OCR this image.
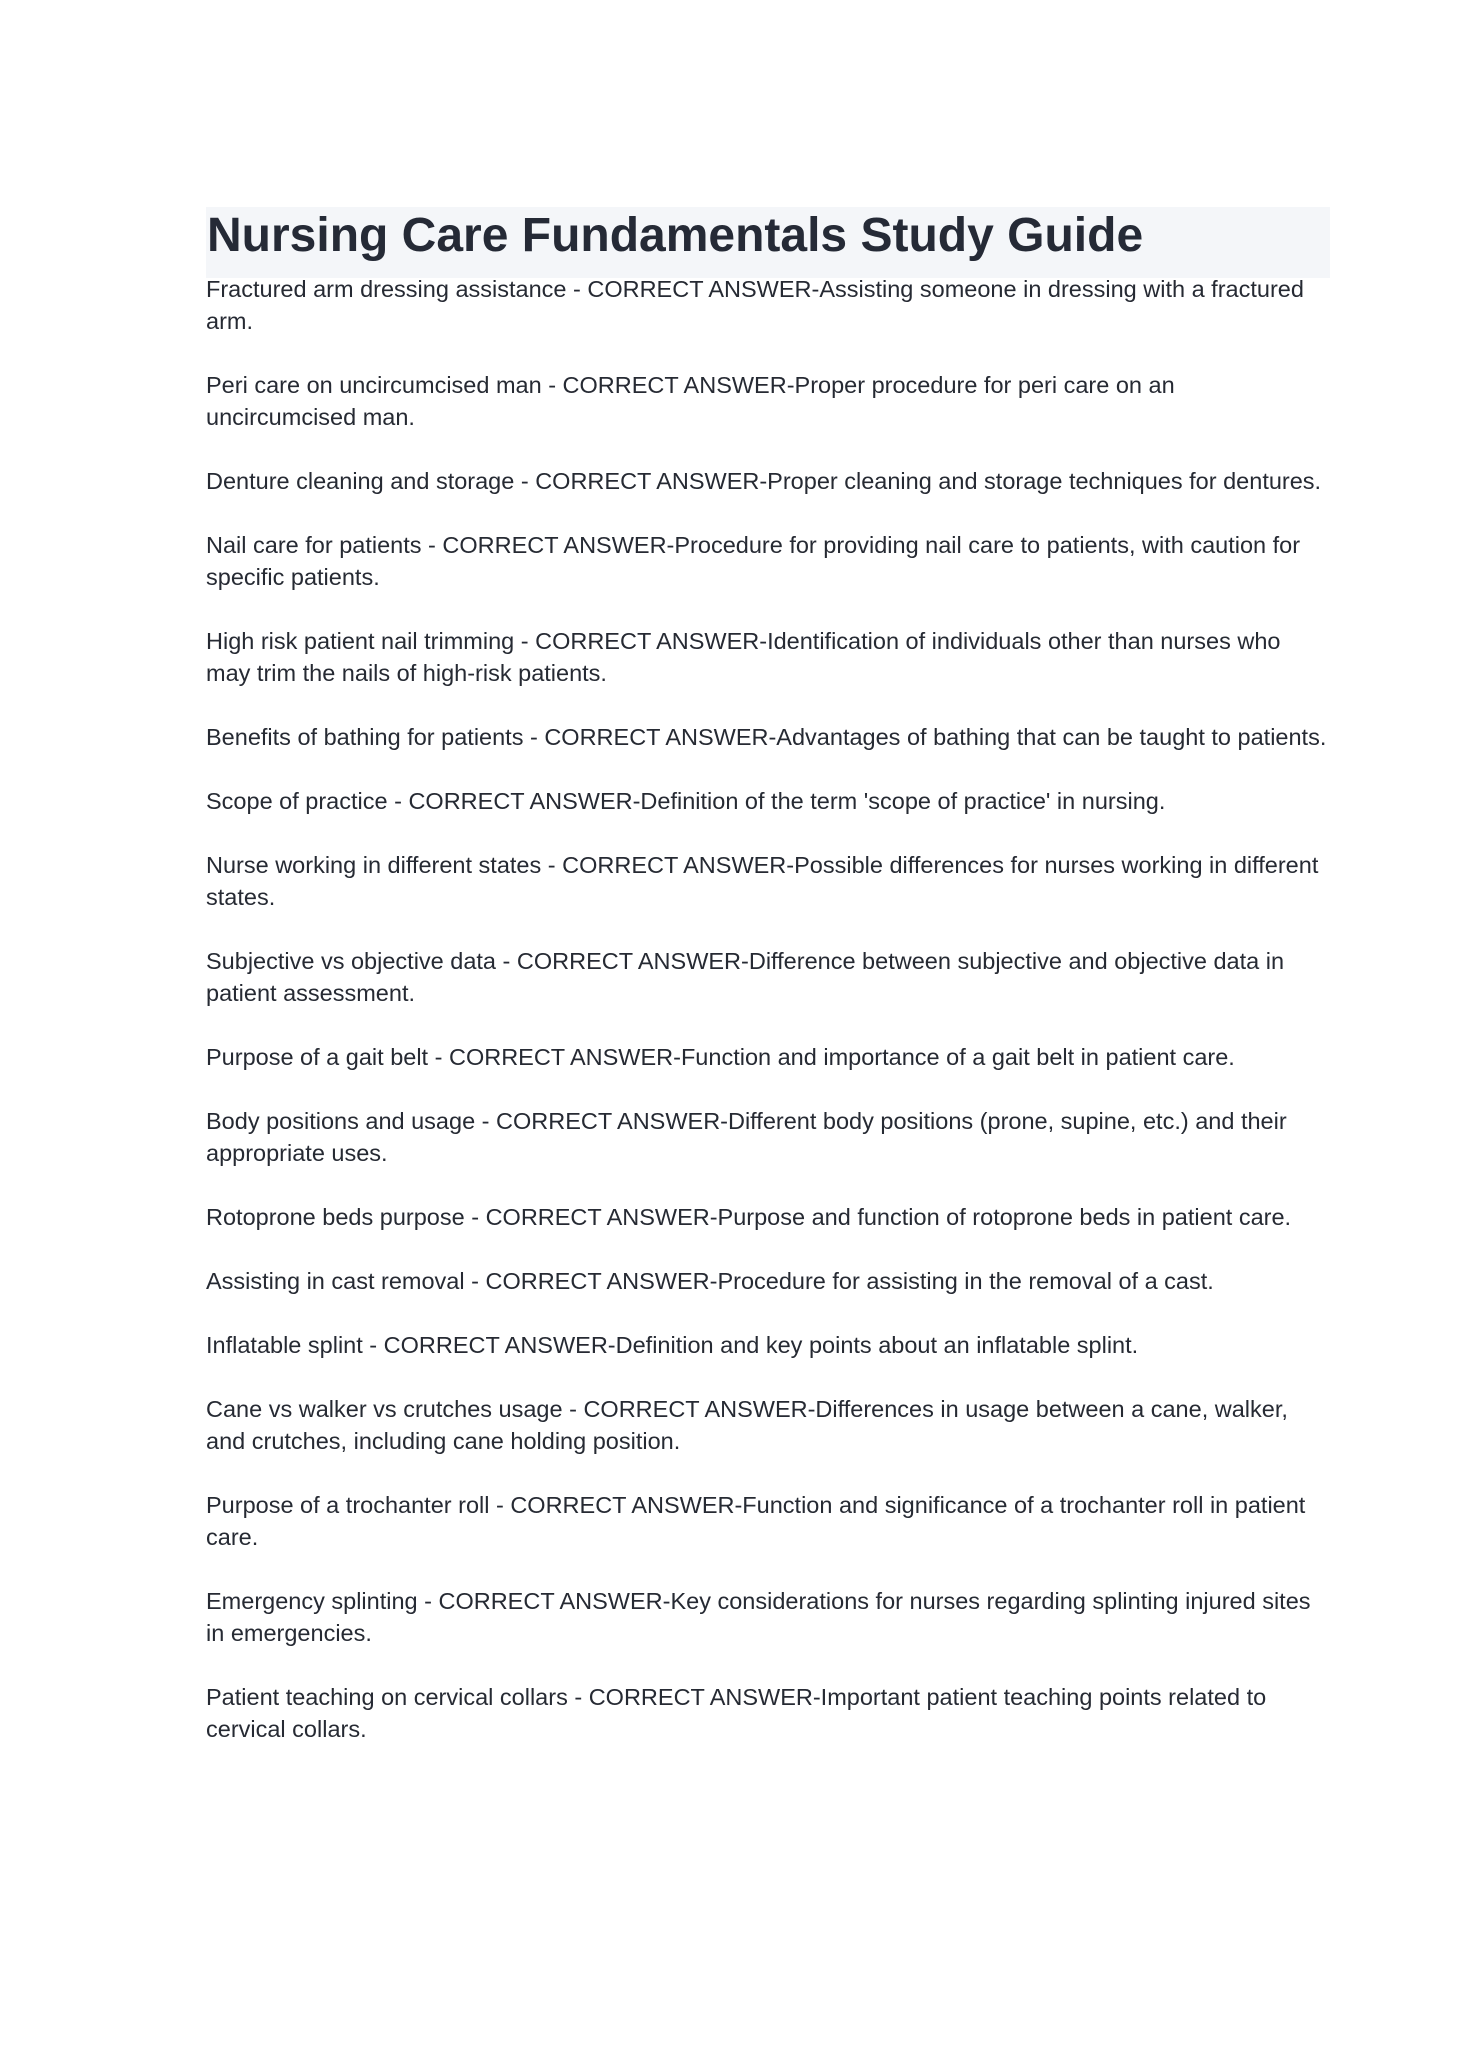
Nursing Care Fundamentals Study Guide

Fractured arm dressing assistance - CORRECT ANSWER-Assisting someone in dressing with a fractured arm.

Peri care on uncircumcised man - CORRECT ANSWER-Proper procedure for peri care on an uncircumcised man.

Denture cleaning and storage - CORRECT ANSWER-Proper cleaning and storage techniques for dentures.

Nail care for patients - CORRECT ANSWER-Procedure for providing nail care to patients, with caution for specific patients.

High risk patient nail trimming - CORRECT ANSWER-Identification of individuals other than nurses who may trim the nails of high-risk patients.

Benefits of bathing for patients - CORRECT ANSWER-Advantages of bathing that can be taught to patients.

Scope of practice - CORRECT ANSWER-Definition of the term 'scope of practice' in nursing.

Nurse working in different states - CORRECT ANSWER-Possible differences for nurses working in different states.

Subjective vs objective data - CORRECT ANSWER-Difference between subjective and objective data in patient assessment.

Purpose of a gait belt - CORRECT ANSWER-Function and importance of a gait belt in patient care.

Body positions and usage - CORRECT ANSWER-Different body positions (prone, supine, etc.) and their appropriate uses.

Rotoprone beds purpose - CORRECT ANSWER-Purpose and function of rotoprone beds in patient care.

Assisting in cast removal - CORRECT ANSWER-Procedure for assisting in the removal of a cast.

Inflatable splint - CORRECT ANSWER-Definition and key points about an inflatable splint.

Cane vs walker vs crutches usage - CORRECT ANSWER-Differences in usage between a cane, walker, and crutches, including cane holding position.

Purpose of a trochanter roll - CORRECT ANSWER-Function and significance of a trochanter roll in patient care.

Emergency splinting - CORRECT ANSWER-Key considerations for nurses regarding splinting injured sites in emergencies.

Patient teaching on cervical collars - CORRECT ANSWER-Important patient teaching points related to cervical collars.
